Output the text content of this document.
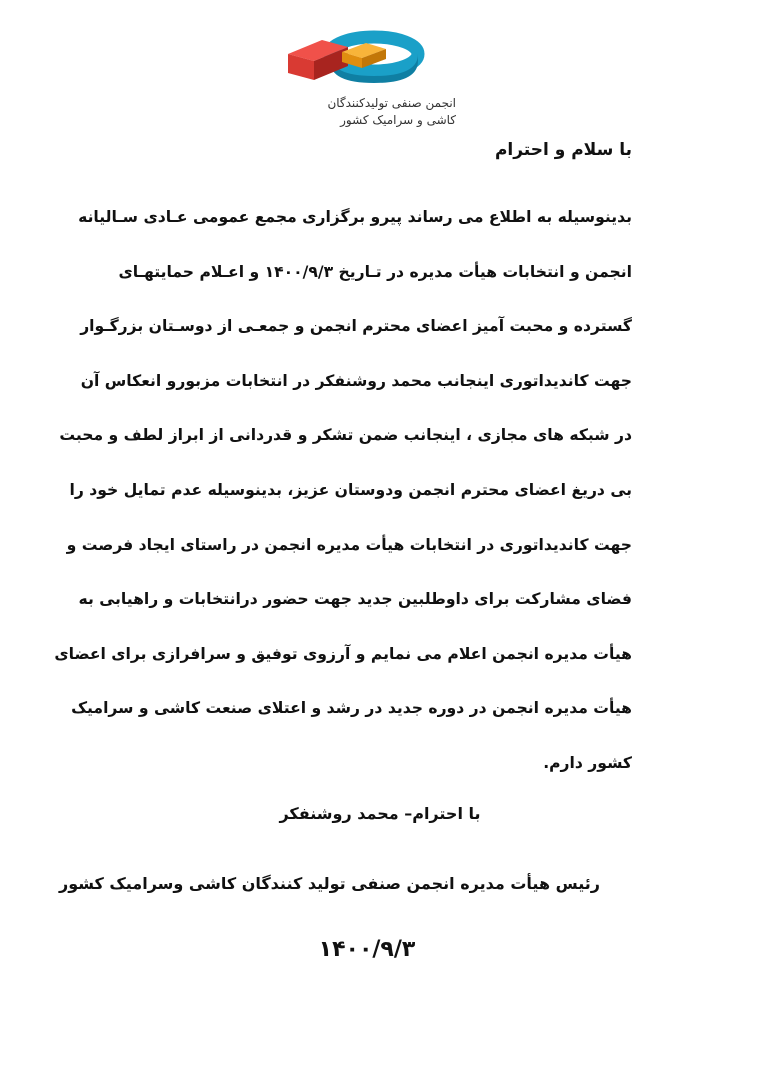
انجمن صنفی تولیدکنندگان
کاشی و سرامیک کشور
با سلام و احترام
بدینوسیله به اطلاع می رساند پیرو برگزاری مجمع عمومی عـادی سـالیانه
انجمن و انتخابات هیأت مدیره در تـاریخ ۱۴۰۰/۹/۳ و اعـلام حمایتهـای
گسترده و محبت آمیز اعضای محترم انجمن و جمعـی از دوسـتان بزرگـوار
جهت کاندیداتوری اینجانب محمد روشنفکر در انتخابات مزبورو انعکاس آن
در شبکه های مجازی ، اینجانب ضمن تشکر و قدردانی از ابراز لطف و محبت
بی دریغ اعضای محترم انجمن ودوستان عزیز، بدینوسیله عدم تمایل خود را
جهت کاندیداتوری در انتخابات هیأت مدیره انجمن در راستای ایجاد فرصت و
فضای مشارکت برای داوطلبین جدید جهت حضور درانتخابات و راهیابی به
هیأت مدیره انجمن اعلام می نمایم و آرزوی توفیق و سرافرازی برای اعضای
هیأت مدیره انجمن در دوره جدید در رشد و اعتلای صنعت کاشی و سرامیک
کشور دارم.
با احترام– محمد روشنفکر
رئیس هیأت مدیره انجمن صنفی تولید کنندگان کاشی وسرامیک کشور
۱۴۰۰/۹/۳
